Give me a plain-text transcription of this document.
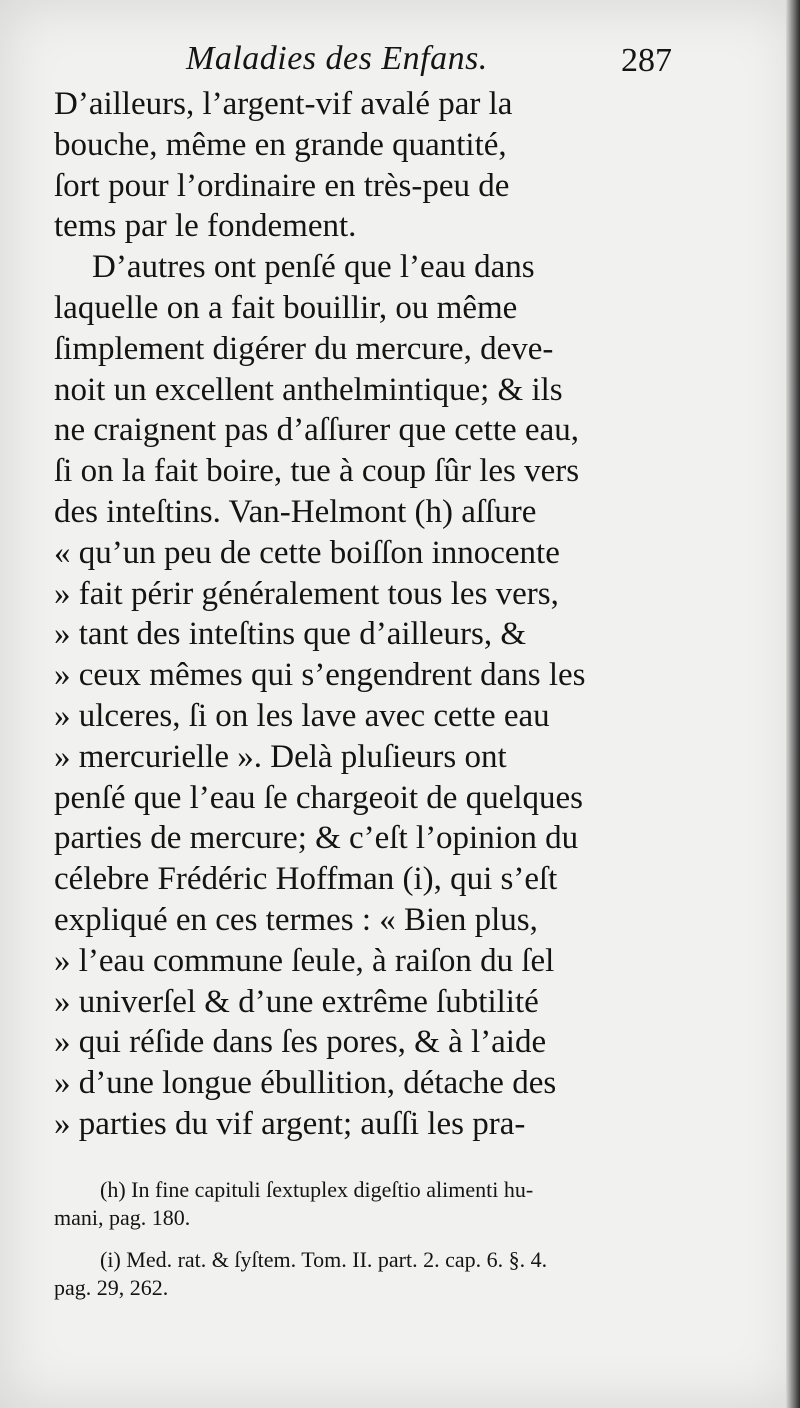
Maladies des Enfans.	287
D’ailleurs, l’argent-vif avalé par la
bouche, même en grande quantité,
ſort pour l’ordinaire en très-peu de
tems par le fondement.
D’autres ont penſé que l’eau dans
laquelle on a fait bouillir, ou même
ſimplement digérer du mercure, deve-
noit un excellent anthelmintique; & ils
ne craignent pas d’aſſurer que cette eau,
ſi on la fait boire, tue à coup ſûr les vers
des inteſtins. Van-Helmont (h) aſſure
« qu’un peu de cette boiſſon innocente
» fait périr généralement tous les vers,
» tant des inteſtins que d’ailleurs, &
» ceux mêmes qui s’engendrent dans les
» ulceres, ſi on les lave avec cette eau
» mercurielle ». Delà pluſieurs ont
penſé que l’eau ſe chargeoit de quelques
parties de mercure; & c’eſt l’opinion du
célebre Frédéric Hoffman (i), qui s’eſt
expliqué en ces termes : « Bien plus,
» l’eau commune ſeule, à raiſon du ſel
» univerſel & d’une extrême ſubtilité
» qui réſide dans ſes pores, & à l’aide
» d’une longue ébullition, détache des
» parties du vif argent; auſſi les pra-
(h) In fine capituli ſextuplex digeſtio alimenti hu-
mani, pag. 180.
(i) Med. rat. & ſyſtem. Tom. II. part. 2. cap. 6. §. 4.
pag. 29, 262.
